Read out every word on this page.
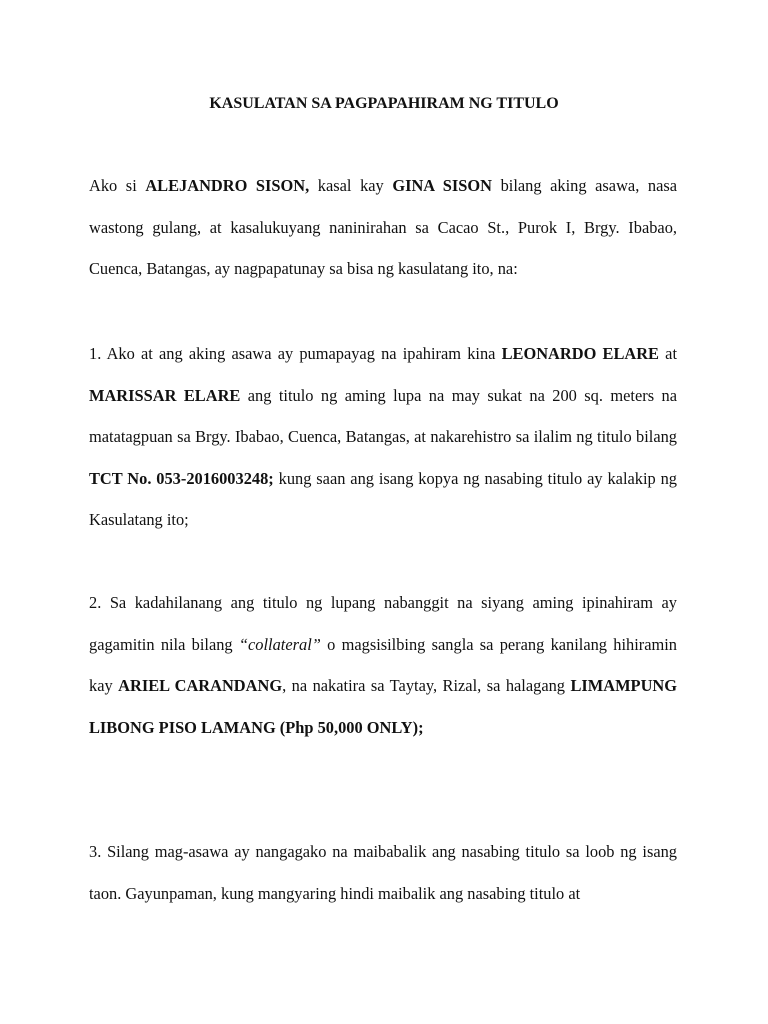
KASULATAN SA PAGPAPAHIRAM NG TITULO

Ako si ALEJANDRO SISON, kasal kay GINA SISON bilang aking asawa, nasa wastong gulang, at kasalukuyang naninirahan sa Cacao St., Purok I, Brgy. Ibabao, Cuenca, Batangas, ay nagpapatunay sa bisa ng kasulatang ito, na:

1. Ako at ang aking asawa ay pumapayag na ipahiram kina LEONARDO ELARE at MARISSAR ELARE ang titulo ng aming lupa na may sukat na 200 sq. meters na matatagpuan sa Brgy. Ibabao, Cuenca, Batangas, at nakarehistro sa ilalim ng titulo bilang TCT No. 053-2016003248; kung saan ang isang kopya ng nasabing titulo ay kalakip ng Kasulatang ito;

2. Sa kadahilanang ang titulo ng lupang nabanggit na siyang aming ipinahiram ay gagamitin nila bilang “collateral” o magsisilbing sangla sa perang kanilang hihiramin kay ARIEL CARANDANG, na nakatira sa Taytay, Rizal, sa halagang LIMAMPUNG LIBONG PISO LAMANG (Php 50,000 ONLY);

3. Silang mag-asawa ay nangagako na maibabalik ang nasabing titulo sa loob ng isang taon. Gayunpaman, kung mangyaring hindi maibalik ang nasabing titulo at
